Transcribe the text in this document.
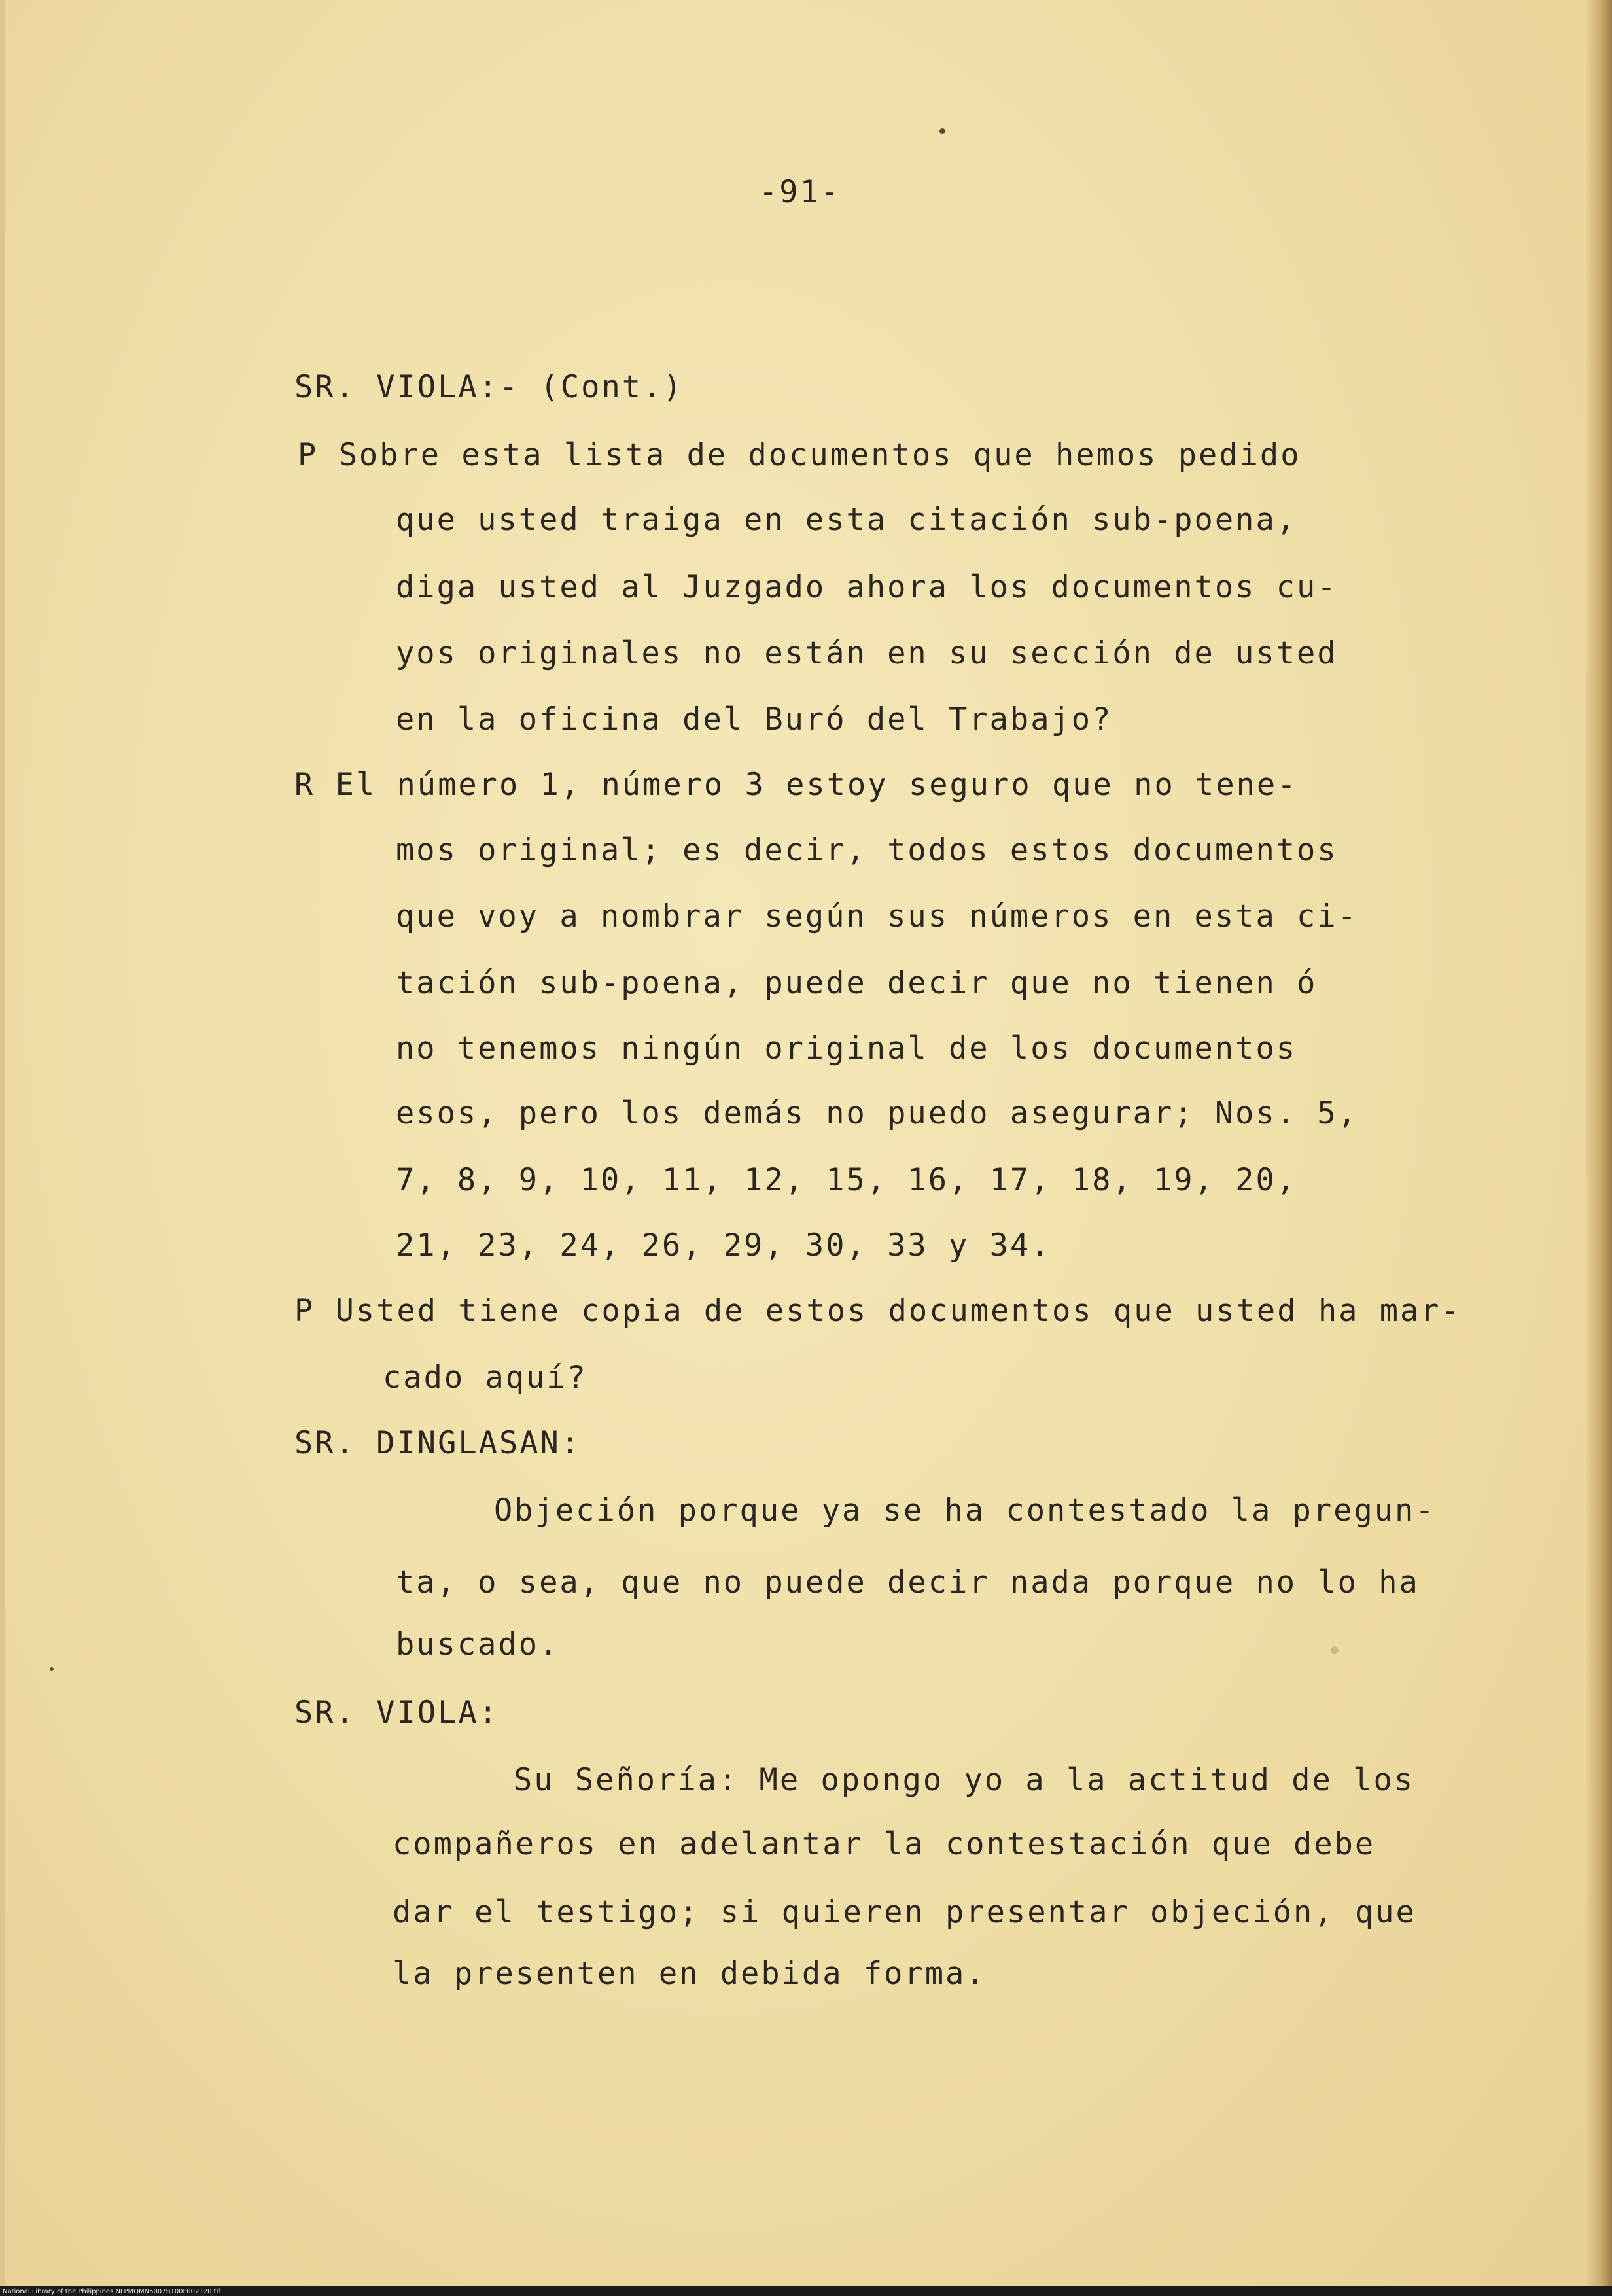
-91-
SR. VIOLA:- (Cont.)
P Sobre esta lista de documentos que hemos pedido
que usted traiga en esta citación sub-poena,
diga usted al Juzgado ahora los documentos cu-
yos originales no están en su sección de usted
en la oficina del Buró del Trabajo?
R El número 1, número 3 estoy seguro que no tene-
mos original; es decir, todos estos documentos
que voy a nombrar según sus números en esta ci-
tación sub-poena, puede decir que no tienen ó
no tenemos ningún original de los documentos
esos, pero los demás no puedo asegurar; Nos. 5,
7, 8, 9, 10, 11, 12, 15, 16, 17, 18, 19, 20,
21, 23, 24, 26, 29, 30, 33 y 34.
P Usted tiene copia de estos documentos que usted ha mar-
cado aquí?
SR. DINGLASAN:
Objeción porque ya se ha contestado la pregun-
ta, o sea, que no puede decir nada porque no lo ha
buscado.
SR. VIOLA:
Su Señoría: Me opongo yo a la actitud de los
compañeros en adelantar la contestación que debe
dar el testigo; si quieren presentar objeción, que
la presenten en debida forma.
National Library of the Philippines NLPMQMN5007B100F002120.tif
